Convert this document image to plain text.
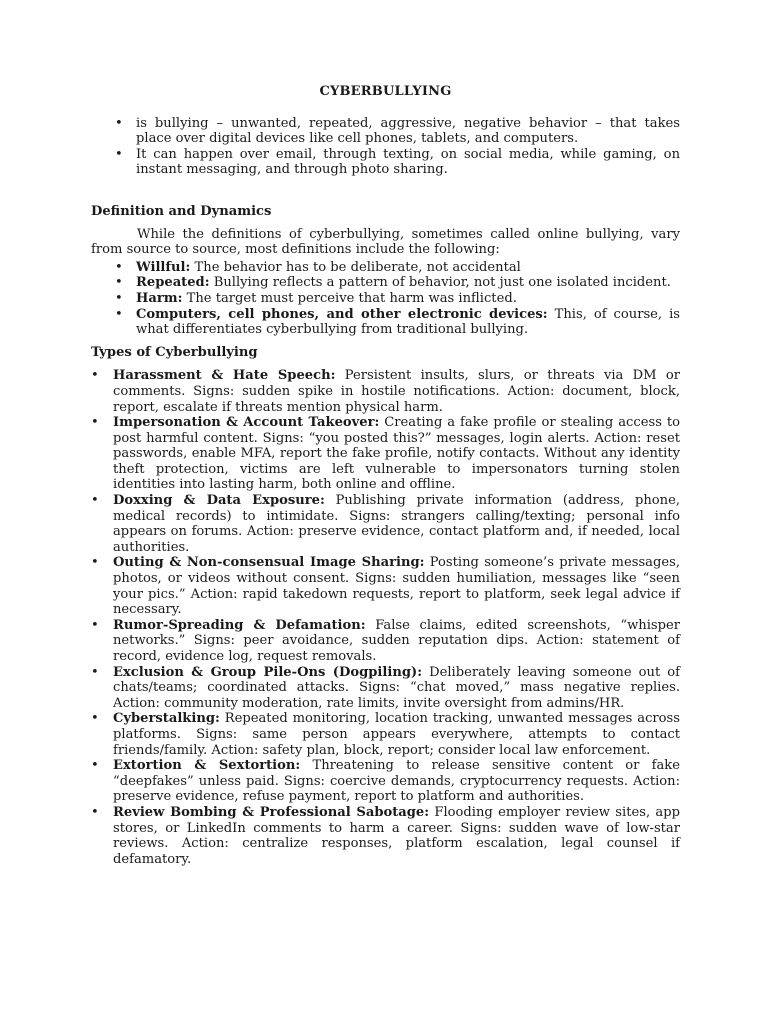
CYBERBULLYING
• is bullying – unwanted, repeated, aggressive, negative behavior – that takes place over digital devices like cell phones, tablets, and computers.
• It can happen over email, through texting, on social media, while gaming, on instant messaging, and through photo sharing.
Definition and Dynamics

While the definitions of cyberbullying, sometimes called online bullying, vary from source to source, most definitions include the following:

• Willful: The behavior has to be deliberate, not accidental
• Repeated: Bullying reflects a pattern of behavior, not just one isolated incident.
• Harm: The target must perceive that harm was inflicted.
• Computers, cell phones, and other electronic devices: This, of course, is what differentiates cyberbullying from traditional bullying.
Types of Cyberbullying
• Harassment & Hate Speech: Persistent insults, slurs, or threats via DM or comments. Signs: sudden spike in hostile notifications. Action: document, block, report, escalate if threats mention physical harm.
• Impersonation & Account Takeover: Creating a fake profile or stealing access to post harmful content. Signs: “you posted this?” messages, login alerts. Action: reset passwords, enable MFA, report the fake profile, notify contacts. Without any identity theft protection, victims are left vulnerable to impersonators turning stolen identities into lasting harm, both online and offline.
• Doxxing & Data Exposure: Publishing private information (address, phone, medical records) to intimidate. Signs: strangers calling/texting; personal info appears on forums. Action: preserve evidence, contact platform and, if needed, local authorities.
• Outing & Non-consensual Image Sharing: Posting someone’s private messages, photos, or videos without consent. Signs: sudden humiliation, messages like “seen your pics.” Action: rapid takedown requests, report to platform, seek legal advice if necessary.
• Rumor-Spreading & Defamation: False claims, edited screenshots, “whisper networks.” Signs: peer avoidance, sudden reputation dips. Action: statement of record, evidence log, request removals.
• Exclusion & Group Pile-Ons (Dogpiling): Deliberately leaving someone out of chats/teams; coordinated attacks. Signs: “chat moved,” mass negative replies. Action: community moderation, rate limits, invite oversight from admins/HR.
• Cyberstalking: Repeated monitoring, location tracking, unwanted messages across platforms. Signs: same person appears everywhere, attempts to contact friends/family. Action: safety plan, block, report; consider local law enforcement.
• Extortion & Sextortion: Threatening to release sensitive content or fake “deepfakes” unless paid. Signs: coercive demands, cryptocurrency requests. Action: preserve evidence, refuse payment, report to platform and authorities.
• Review Bombing & Professional Sabotage: Flooding employer review sites, app stores, or LinkedIn comments to harm a career. Signs: sudden wave of low-star reviews. Action: centralize responses, platform escalation, legal counsel if defamatory.
